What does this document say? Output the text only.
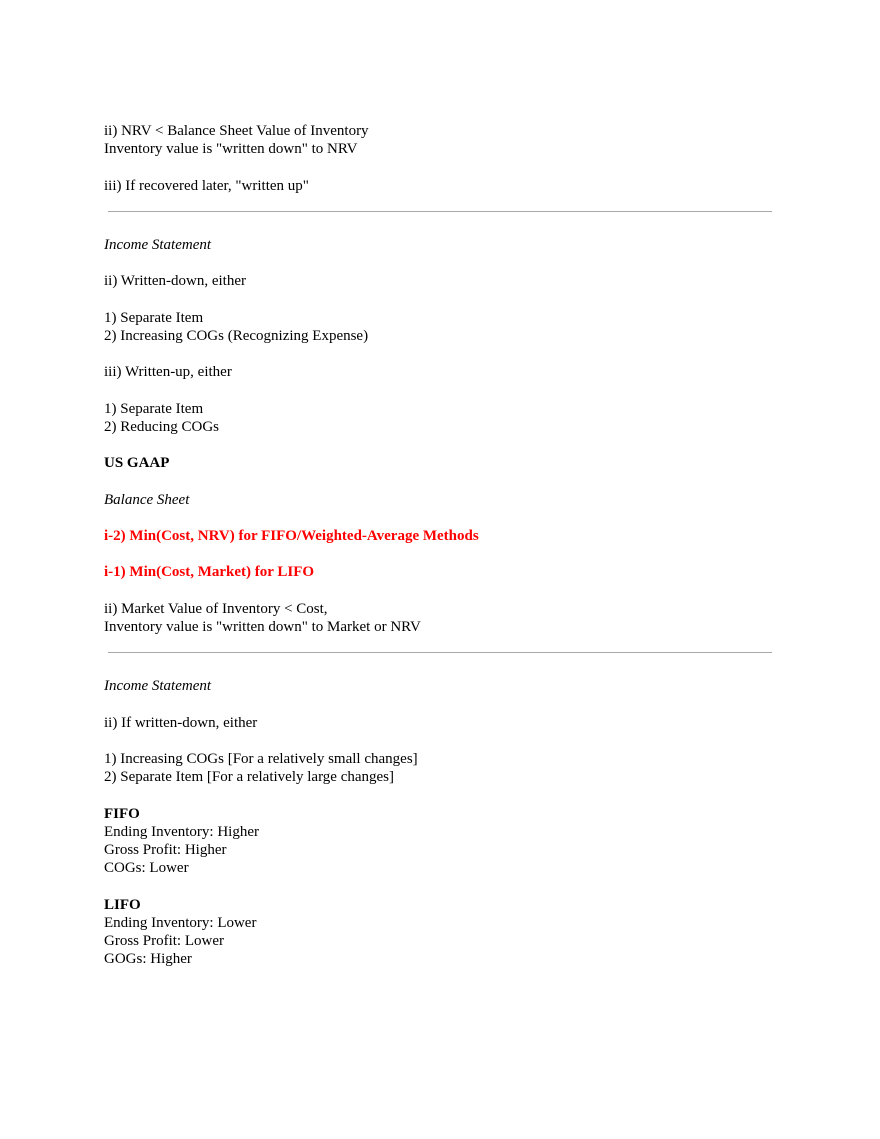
ii) NRV < Balance Sheet Value of Inventory
Inventory value is "written down" to NRV
iii) If recovered later, "written up"
Income Statement
ii) Written-down, either
1) Separate Item
2) Increasing COGs (Recognizing Expense)
iii) Written-up, either
1) Separate Item
2) Reducing COGs
US GAAP
Balance Sheet
i-2) Min(Cost, NRV) for FIFO/Weighted-Average Methods
i-1) Min(Cost, Market) for LIFO
ii) Market Value of Inventory < Cost,
Inventory value is "written down" to Market or NRV
Income Statement
ii) If written-down, either
1) Increasing COGs [For a relatively small changes]
2) Separate Item [For a relatively large changes]
FIFO
Ending Inventory: Higher
Gross Profit: Higher
COGs: Lower
LIFO
Ending Inventory: Lower
Gross Profit: Lower
GOGs: Higher
